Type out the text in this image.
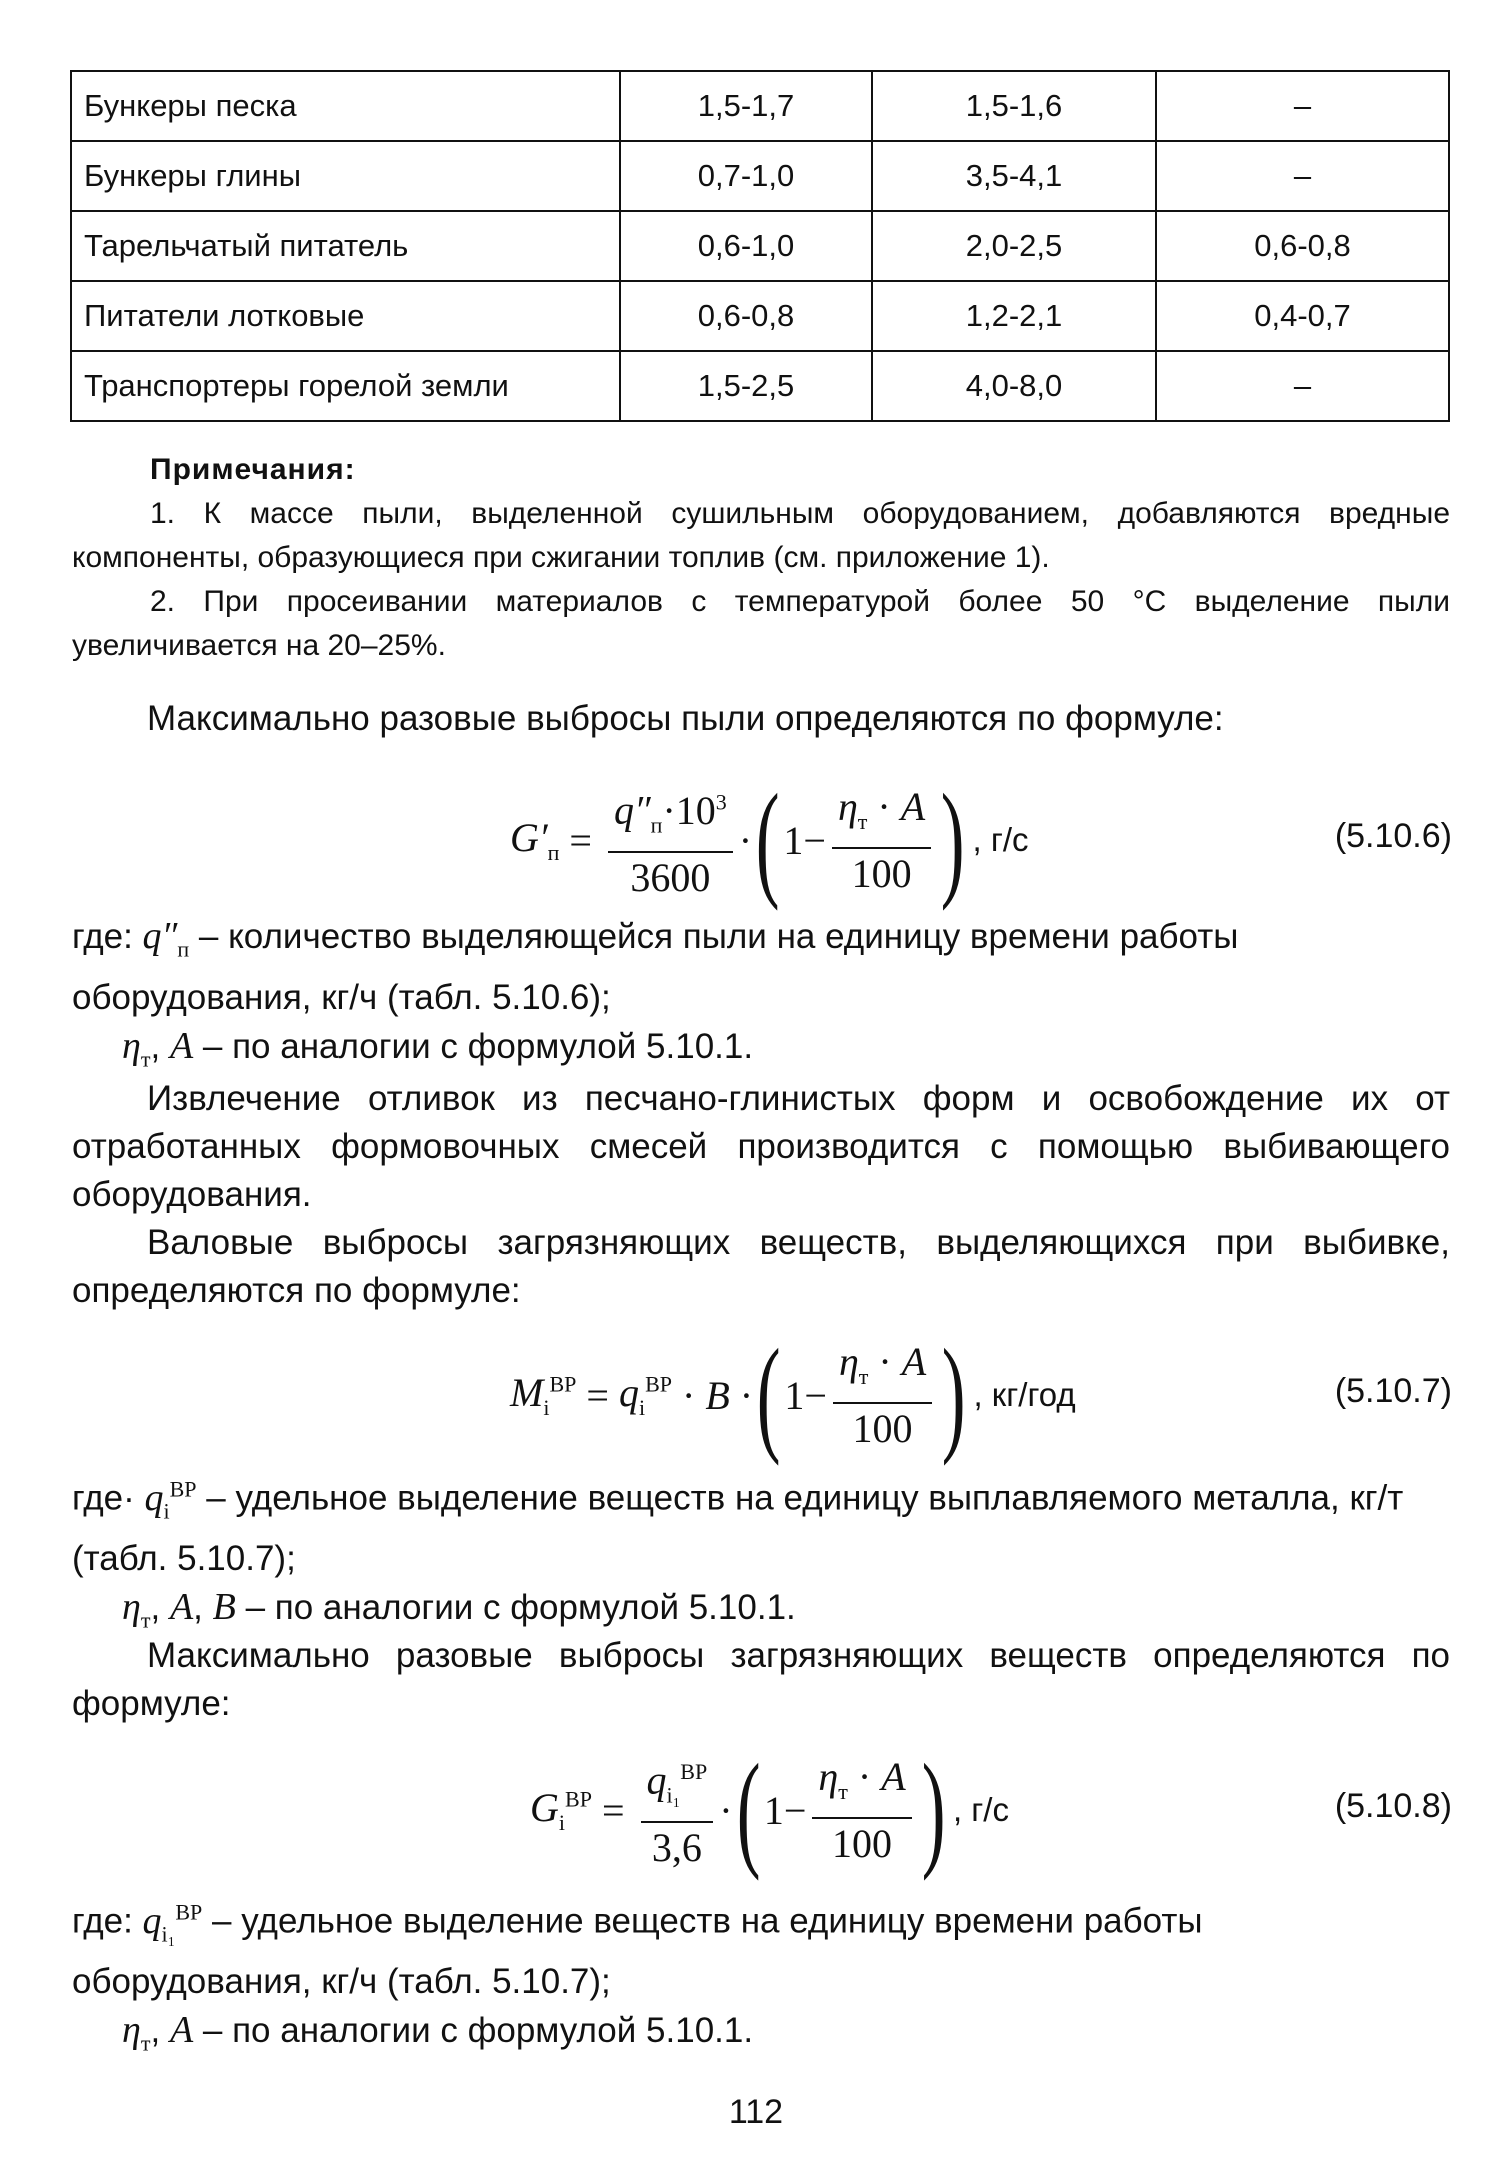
Бункеры песка	1,5-1,7	1,5-1,6	–
Бункеры глины	0,7-1,0	3,5-4,1	–
Тарельчатый питатель	0,6-1,0	2,0-2,5	0,6-0,8
Питатели лотковые	0,6-0,8	1,2-2,1	0,4-0,7
Транспортеры горелой земли	1,5-2,5	4,0-8,0	–
Примечания:

1. К массе пыли, выделенной сушильным оборудованием, добавляются вредные компоненты, образующиеся при сжигании топлив (см. приложение 1).

2. При просеивании материалов с температурой более 50 °С выделение пыли увеличивается на 20–25%.

Максимально разовые выбросы пыли определяются по формуле:

$G'_п = \frac{q''_п\cdot 10^3}{3600}$ · ( $1- \frac{\eta_т \cdot A}{100}$ ) , г/с	(5.10.6)
где: $q''_п$ – количество выделяющейся пыли на единицу времени работы оборудования, кг/ч (табл. 5.10.6);
$\eta_т$, A – по аналогии с формулой 5.10.1.

Извлечение отливок из песчано-глинистых форм и освобождение их от отработанных формовочных смесей производится с помощью выбивающего оборудования.

Валовые выбросы загрязняющих веществ, выделяющихся при выбивке, определяются по формуле:

$M_i^{ВР} = q_i^{ВР} \cdot B$ · ( $1- \frac{\eta_т \cdot A}{100}$ ) , кг/год	(5.10.7)
$где\cdot q_i^{ВР}$ – удельное выделение веществ на единицу выплавляемого металла, кг/т (табл. 5.10.7);
$\eta_т$, A, B – по аналогии с формулой 5.10.1.

Максимально разовые выбросы загрязняющих веществ определяются по формуле:

$G_i^{ВР} = \frac{q_{i_1}^{ВР}}{3,6}$ · ( $1- \frac{\eta_т \cdot A}{100}$ ) , г/с	(5.10.8)
где: $q_{i_1}^{ВР}$ – удельное выделение веществ на единицу времени работы оборудования, кг/ч (табл. 5.10.7);
$\eta_т$, A – по аналогии с формулой 5.10.1.
112
